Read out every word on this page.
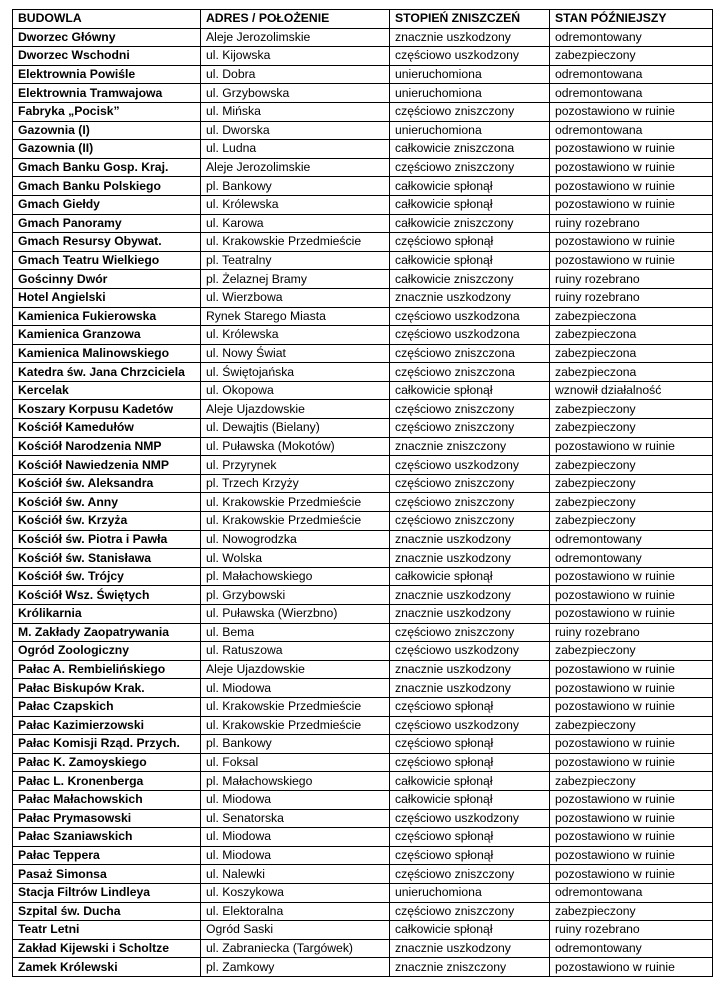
BUDOWLA	ADRES / POŁOŻENIE	STOPIEŃ ZNISZCZEŃ	STAN PÓŹNIEJSZY
Dworzec Główny	Aleje Jerozolimskie	znacznie uszkodzony	odremontowany
Dworzec Wschodni	ul. Kijowska	częściowo uszkodzony	zabezpieczony
Elektrownia Powiśle	ul. Dobra	unieruchomiona	odremontowana
Elektrownia Tramwajowa	ul. Grzybowska	unieruchomiona	odremontowana
Fabryka „Pocisk”	ul. Mińska	częściowo zniszczony	pozostawiono w ruinie
Gazownia (I)	ul. Dworska	unieruchomiona	odremontowana
Gazownia (II)	ul. Ludna	całkowicie zniszczona	pozostawiono w ruinie
Gmach Banku Gosp. Kraj.	Aleje Jerozolimskie	częściowo zniszczony	pozostawiono w ruinie
Gmach Banku Polskiego	pl. Bankowy	całkowicie spłonął	pozostawiono w ruinie
Gmach Giełdy	ul. Królewska	całkowicie spłonął	pozostawiono w ruinie
Gmach Panoramy	ul. Karowa	całkowicie zniszczony	ruiny rozebrano
Gmach Resursy Obywat.	ul. Krakowskie Przedmieście	częściowo spłonął	pozostawiono w ruinie
Gmach Teatru Wielkiego	pl. Teatralny	całkowicie spłonął	pozostawiono w ruinie
Gościnny Dwór	pl. Żelaznej Bramy	całkowicie zniszczony	ruiny rozebrano
Hotel Angielski	ul. Wierzbowa	znacznie uszkodzony	ruiny rozebrano
Kamienica Fukierowska	Rynek Starego Miasta	częściowo uszkodzona	zabezpieczona
Kamienica Granzowa	ul. Królewska	częściowo uszkodzona	zabezpieczona
Kamienica Malinowskiego	ul. Nowy Świat	częściowo zniszczona	zabezpieczona
Katedra św. Jana Chrzciciela	ul. Świętojańska	częściowo zniszczona	zabezpieczona
Kercelak	ul. Okopowa	całkowicie spłonął	wznowił działalność
Koszary Korpusu Kadetów	Aleje Ujazdowskie	częściowo zniszczony	zabezpieczony
Kościół Kamedułów	ul. Dewajtis (Bielany)	częściowo zniszczony	zabezpieczony
Kościół Narodzenia NMP	ul. Puławska (Mokotów)	znacznie zniszczony	pozostawiono w ruinie
Kościół Nawiedzenia NMP	ul. Przyrynek	częściowo uszkodzony	zabezpieczony
Kościół św. Aleksandra	pl. Trzech Krzyży	częściowo zniszczony	zabezpieczony
Kościół św. Anny	ul. Krakowskie Przedmieście	częściowo zniszczony	zabezpieczony
Kościół św. Krzyża	ul. Krakowskie Przedmieście	częściowo zniszczony	zabezpieczony
Kościół św. Piotra i Pawła	ul. Nowogrodzka	znacznie uszkodzony	odremontowany
Kościół św. Stanisława	ul. Wolska	znacznie uszkodzony	odremontowany
Kościół św. Trójcy	pl. Małachowskiego	całkowicie spłonął	pozostawiono w ruinie
Kościół Wsz. Świętych	pl. Grzybowski	znacznie uszkodzony	pozostawiono w ruinie
Królikarnia	ul. Puławska (Wierzbno)	znacznie uszkodzony	pozostawiono w ruinie
M. Zakłady Zaopatrywania	ul. Bema	częściowo zniszczony	ruiny rozebrano
Ogród Zoologiczny	ul. Ratuszowa	częściowo uszkodzony	zabezpieczony
Pałac A. Rembielińskiego	Aleje Ujazdowskie	znacznie uszkodzony	pozostawiono w ruinie
Pałac Biskupów Krak.	ul. Miodowa	znacznie uszkodzony	pozostawiono w ruinie
Pałac Czapskich	ul. Krakowskie Przedmieście	częściowo spłonął	pozostawiono w ruinie
Pałac Kazimierzowski	ul. Krakowskie Przedmieście	częściowo uszkodzony	zabezpieczony
Pałac Komisji Rząd. Przych.	pl. Bankowy	częściowo spłonął	pozostawiono w ruinie
Pałac K. Zamoyskiego	ul. Foksal	częściowo spłonął	pozostawiono w ruinie
Pałac L. Kronenberga	pl. Małachowskiego	całkowicie spłonął	zabezpieczony
Pałac Małachowskich	ul. Miodowa	całkowicie spłonął	pozostawiono w ruinie
Pałac Prymasowski	ul. Senatorska	częściowo uszkodzony	pozostawiono w ruinie
Pałac Szaniawskich	ul. Miodowa	częściowo spłonął	pozostawiono w ruinie
Pałac Teppera	ul. Miodowa	częściowo spłonął	pozostawiono w ruinie
Pasaż Simonsa	ul. Nalewki	częściowo zniszczony	pozostawiono w ruinie
Stacja Filtrów Lindleya	ul. Koszykowa	unieruchomiona	odremontowana
Szpital św. Ducha	ul. Elektoralna	częściowo zniszczony	zabezpieczony
Teatr Letni	Ogród Saski	całkowicie spłonął	ruiny rozebrano
Zakład Kijewski i Scholtze	ul. Zabraniecka (Targówek)	znacznie uszkodzony	odremontowany
Zamek Królewski	pl. Zamkowy	znacznie zniszczony	pozostawiono w ruinie
